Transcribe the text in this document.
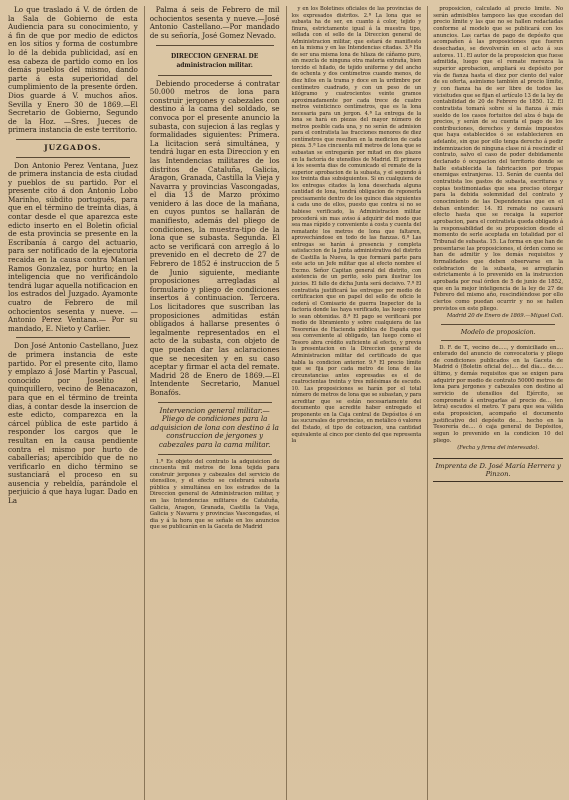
Lo que traslado á V. de órden de la Sala de Gobierno de esta Audiencia para su conocimiento, y á fin de que por medio de edictos en los sitios y forma de costumbre lo dé la debida publicidad, así en esa cabeza de partido como en los demás pueblos del mismo, dando parte á esta superioridad del cumplimiento de la presente órden. Dios guarde á V. muchos años. Sevilla y Enero 30 de 1869.—El Secretario de Gobierno, Segundo de la Hoz. —Sres. Jueces de primera instancia de este territorio.

JUZGADOS.

Don Antonio Perez Ventana, Juez de primera instancia de esta ciudad y pueblos de su partido. Por el presente cito á don Antonio Lobo Marinho, súbdito portugués, para que en el término de treinta dias, á contar desde el que aparezca este edicto inserto en el Boletin oficial de esta provincia se presente en la Escribanía á cargo del actuario, para ser notificado de la ejecutoria recaida en la causa contra Manuel Ramos Gonzalez, por hurto; en la inteligencia que no verificándolo tendrá lugar aquella notificacion en los estrados del Juzgado. Ayamonte cuatro de Febrero de mil ochocientos sesenta y nueve. —Antonio Perez Ventana.— Por su mandado, E. Nieto y Carlier.

Don José Antonio Castellano, Juez de primera instancia de este partido. Por el presente cito, llamo y emplazo á José Martin y Pascual, conocido por Joselito el quinquillero, vecino de Benacazon, para que en el término de treinta dias, á contar desde la insercion de este edicto, comparezca en la cárcel pública de este partido á responder los cargos que le resultan en la causa pendiente contra el mismo por hurto de caballerías; apercibido que de no verificarlo en dicho término se sustanciará el proceso en su ausencia y rebeldía, parándole el perjuicio á que haya lugar. Dado en La

Palma á seis de Febrero de mil ochocientos sesenta y nueve.—José Antonio Castellano.—Por mandado de su señoría, José Gomez Nevado.

DIRECCION GENERAL DE administracion militar.

Debiendo procederse á contratar 50.000 metros de lona para construir jergones y cabezales con destino á la cama del soldado, se convoca por el presente anuncio la subasta, con sujecion á las reglas y formalidades siguientes: Primera. La licitacion será simultánea, y tendrá lugar en esta Direccion y en las Intendencias militares de los distritos de Cataluña, Galicia, Aragon, Granada, Castilla la Vieja y Navarra y provincias Vascongadas, el dia 13 de Marzo próximo venidero á las doce de la mañana, en cuyos puntos se hallarán de manifiesto, además del pliego de condiciones, la muestra-tipo de la lona que se subasta. Segunda. El acto se verificará con arreglo á lo prevenido en el decreto de 27 de Febrero de 1852 é instruccion de 5 de Junio siguiente, mediante proposiciones arregladas al formulario y pliego de condiciones insertos á continuacion. Tercera. Los licitadores que suscriban las proposiciones admitidas están obligados á hallarse presentes ó legalmente representados en el acto de la subasta, con objeto de que puedan dar las aclaraciones que se necesiten y en su caso aceptar y firmar el acta del remate. Madrid 28 de Enero de 1869.—El Intendente Secretario, Manuel Bonafós.

Intervencion general militar.— Pliego de condiciones para la adquisicion de lona con destino á la construccion de jergones y cabezales para la cama militar.

1.ª Es objeto del contrato la adquisicion de cincuenta mil metros de lona tejida para construir jergones y cabezales del servicio de utensilios, y el efecto se celebrará subasta pública y simultánea en los estrados de la Direccion general de Administracion militar, y en las Intendencias militares de Cataluña, Galicia, Aragon, Granada, Castilla la Vieja, Galicia y Navarra y provincias Vascongadas, el dia y á la hora que se señale en los anuncios que se publicarán en la Gaceta de Madrid

y en los Boletines oficiales de las provincias de los expresados distritos. 2.ª La lona que se subasta ha de ser, en cuanto á color, tejido y finura, estrictamente igual á la muestra tipo, sellada con el sello de la Direccion general de Administracion militar, que estará de manifiesto en la misma y en las Intendencias citadas. 3.ª Ha de ser una misma lona de hilaza de cáñamo puro, sin mezcla de ninguna otra materia extraña, bien torcido el hilado, de tejido uniforme y del ancho de ochenta y dos centímetros cuando menos, de diez hilos en la trama y doce en la urdimbre por centímetro cuadrado, y con un peso de un kilógramo y cuatrocientos veinte gramos aproximadamente por cada trece de cuatro metros veinticinco centímetros, que es la lona necesaria para un jergon. 4.ª La entrega de la lona se hará en piezas del mayor número de metros posible cada una, y no serán de admision para el contratista las fracciones menores de diez centímetros que resulten en la medicion de cada pieza. 5.ª Los cincuenta mil metros de lona que se subastan se entregarán por mitad en dos plazos en la factoría de utensilios de Madrid. El primero á los sesenta dias de comunicado el remate de la superior aprobacion de la subasta, y el segundo á los treinta dias subsiguientes. Si en cualquiera de los entregas citados la lona desechada alguna cantidad de lona, tendrá obligacion de reponerla precisamente dentro de los quince dias siguientes á cada uno de ellos, puesto que contra sí no se habiese verificado, la Administracion militar procederá sin mas aviso á adquirir del modo que sea mas rápido y conveniente á costa y cuenta del rematante los metros de lona que faltaren, aprovechándose en todo de las fianzas. 6.ª Las entregas se harán á presencia y completa satisfaccion de la Junta administrativa del distrito de Castilla la Nueva, la que formará parte para este acto un Jefe militar que al efecto nombre el Excmo. Señor Capitan general del distrito, con asistencia de un perito, solo para ilustrar los juicios. El fallo de dicha Junta será decisivo. 7.ª El contratista justificará las entregas por medio de certificacion que en papel del sello de oficio le cederá el Comisario de guerra Inspector de la factoría donde las haya verificado, las luego como lo sean obtenidas. 8.ª El pago se verificará por medio de libramiento y sobre cualquiera de las Tesorerías de Hacienda pública de España que sea conveniente al obligado, tan luego como el Tesoro abra crédito suficiente al efecto, y previa la presentacion en la Direccion general de Administracion militar del certificado de que habla la condicion anterior. 9.ª El precio límite que se fija por cada metro de lona de las circunstancias antes expresadas es el de cuatrocientas treinta y tres milésimas de escudo. 10. Las proposiciones se harán por el total número de metros de lona que se subastan, y para acreditar que se están necesariamente del documento que acredite haber entregado el proponente en la Caja central de Depósitos ó en las sucursales de provincias, en metálico ó valores del Estado, el tipo de cotizacion, una cantidad equivalente al cinco por ciento del que representa la

proposicion, calculado al precio límite. No serán admisibles tampoco las que excedan del precio límite y las que no se hallen redactadas conforme al modelo que se publicará con los anuncios. Las cartas de pago de depósito que acompañen á las proposiciones que fueren desechadas, se devolverán en el acto á sus autores. 11. El autor de la proposicion que fuese admitida, luego que el remate merezca la superior aprobacion, ampliará su depósito por vía de fianza hasta el diez por ciento del valor de su oferta, asimismo también al precio límite, y con fianza ha de ser libre de todos las vicisitudes que se fijan el artículo 13 de la ley de contabilidad de 20 de Febrero de 1850. 12. El contratista tomará sobre sí la fianza á más sueldo de los casos fortuitos del alza ó baja de precios, y serán de su cuenta el pago de los contribuciones, derechos y demás impuestos que haya establecidos ó se establecieren en adelante, sin que por ello tenga derecho á pedir indemnizacion de ninguna clase ni á rescindir el contrato, salvo el caso de poder debidamente declarado ó ocupacion del territorio donde se halle establecida la fabricacion por tropas enemigas extranjeras. 13. Serán de cuenta del contratista los gastos de subasta, escrituras y copias testimoniadas que sea preciso otorgar para la debida solemnidad del contrato y conocimiento de las Dependencias que en el deban entender. 14. El remate no causará efecto hasta que se recaiga la superior aprobacion, para el contratista queda obligado á la responsabilidad de su proposicion desde el momento de serle aceptada en totalidad por el Tribunal de subasta. 15. La forma en que han de presentarse las proposiciones, el órden como se han de admitir y los demás requisitos y formalidades que deben observarse en la celebracion de la subasta, se arreglarán estrictamente á lo prevenido en la instruccion aprobada por real órden de 5 de junio de 1852, que en la mejor inteligencia de la ley de 27 de Febrero del mismo año, rescindiéndose por ello ciertos como puedan ocurrir y no se hallen previstos en este pliego.

Madrid 20 de Enero de 1869.—Miguel Coll.

Modelo de proposicion.

D. F. de T., vecino de....., y domiciliado en.... enterado del anuncio de convocatoria y pliego de condiciones publicados en la Gaceta de Madrid ó (Boletin oficial de).... del dia.... de..... último, y demás requisitos que se exigen para adquirir por medio de contrato 50000 metros de lona para jergones y cabezales con destino al servicio de utensilios del Ejército, se compromete á entregarlas al precio de... (en letra) escudos el metro. Y para que sea válida esta proposicion, acompaño el documento justificativo del depósito de.... hecho en la Tesorería de.... ó caja general de Depósitos, segun lo prevenido en la condicion 10 del pliego.

(Fecha y firma del interesado).

Imprenta de D. José María Herrera y Pinzon.
